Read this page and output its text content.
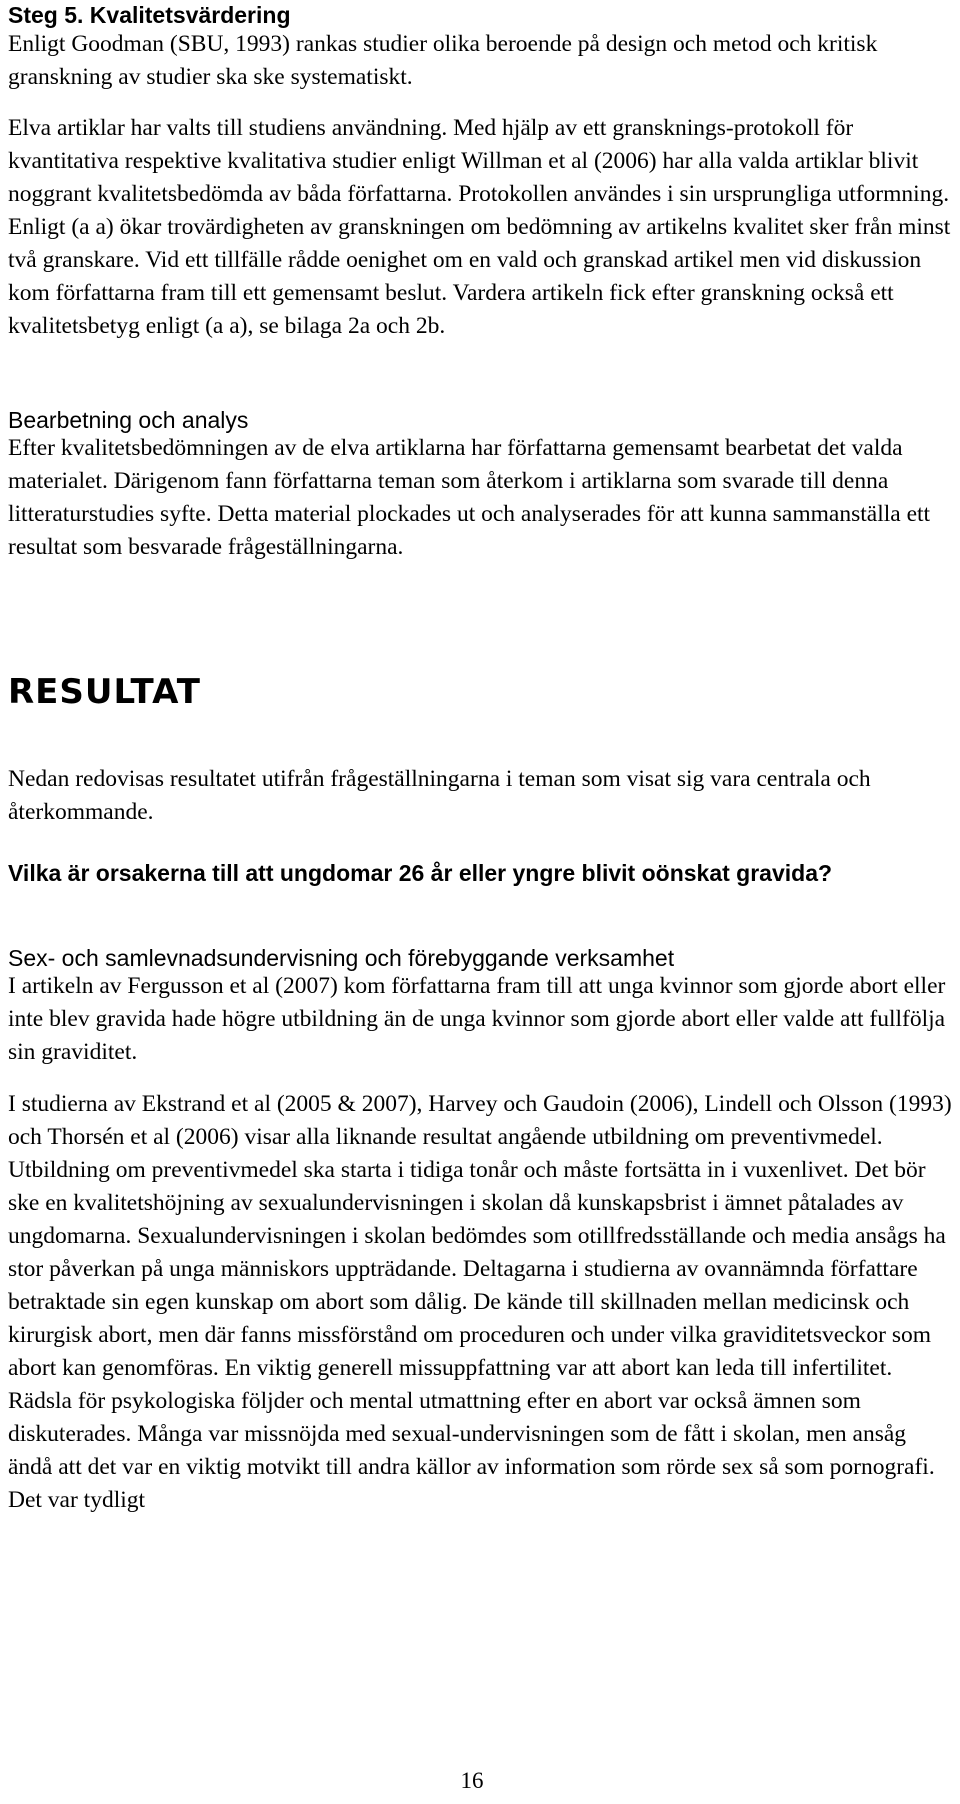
Steg 5. Kvalitetsvärdering

Enligt Goodman (SBU, 1993) rankas studier olika beroende på design och metod och kritisk granskning av studier ska ske systematiskt.

Elva artiklar har valts till studiens användning. Med hjälp av ett gransknings-protokoll för kvantitativa respektive kvalitativa studier enligt Willman et al (2006) har alla valda artiklar blivit noggrant kvalitetsbedömda av båda författarna. Protokollen användes i sin ursprungliga utformning. Enligt (a a) ökar trovärdigheten av granskningen om bedömning av artikelns kvalitet sker från minst två granskare. Vid ett tillfälle rådde oenighet om en vald och granskad artikel men vid diskussion kom författarna fram till ett gemensamt beslut. Vardera artikeln fick efter granskning också ett kvalitetsbetyg enligt (a a), se bilaga 2a och 2b.

Bearbetning och analys

Efter kvalitetsbedömningen av de elva artiklarna har författarna gemensamt bearbetat det valda materialet. Därigenom fann författarna teman som återkom i artiklarna som svarade till denna litteraturstudies syfte. Detta material plockades ut och analyserades för att kunna sammanställa ett resultat som besvarade frågeställningarna.

RESULTAT

Nedan redovisas resultatet utifrån frågeställningarna i teman som visat sig vara centrala och återkommande.

Vilka är orsakerna till att ungdomar 26 år eller yngre blivit oönskat gravida?
Sex- och samlevnadsundervisning och förebyggande verksamhet

I artikeln av Fergusson et al (2007) kom författarna fram till att unga kvinnor som gjorde abort eller inte blev gravida hade högre utbildning än de unga kvinnor som gjorde abort eller valde att fullfölja sin graviditet.

I studierna av Ekstrand et al (2005 & 2007), Harvey och Gaudoin (2006), Lindell och Olsson (1993) och Thorsén et al (2006) visar alla liknande resultat angående utbildning om preventivmedel. Utbildning om preventivmedel ska starta i tidiga tonår och måste fortsätta in i vuxenlivet. Det bör ske en kvalitetshöjning av sexualundervisningen i skolan då kunskapsbrist i ämnet påtalades av ungdomarna. Sexualundervisningen i skolan bedömdes som otillfredsställande och media ansågs ha stor påverkan på unga människors uppträdande. Deltagarna i studierna av ovannämnda författare betraktade sin egen kunskap om abort som dålig. De kände till skillnaden mellan medicinsk och kirurgisk abort, men där fanns missförstånd om proceduren och under vilka graviditetsveckor som abort kan genomföras. En viktig generell missuppfattning var att abort kan leda till infertilitet. Rädsla för psykologiska följder och mental utmattning efter en abort var också ämnen som diskuterades. Många var missnöjda med sexual-undervisningen som de fått i skolan, men ansåg ändå att det var en viktig motvikt till andra källor av information som rörde sex så som pornografi. Det var tydligt

16
